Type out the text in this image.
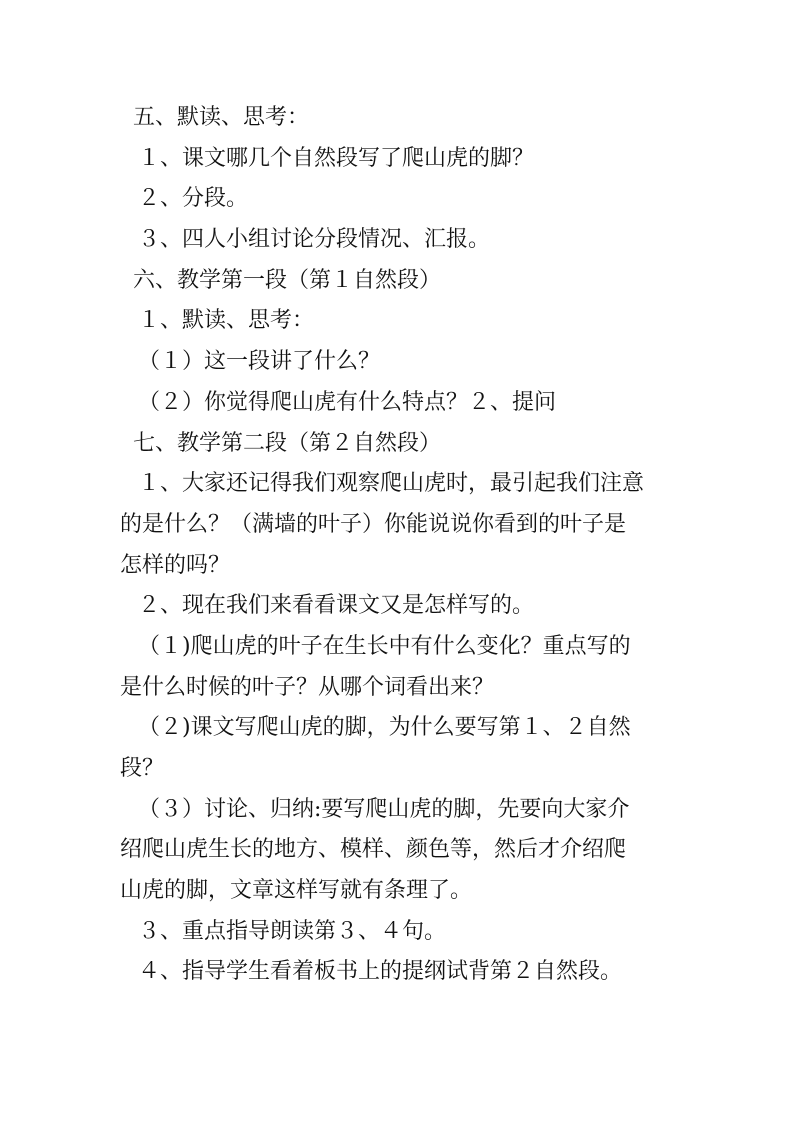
五、默读、思考：
１、课文哪几个自然段写了爬山虎的脚？
２、分段。
３、四人小组讨论分段情况、汇报。
六、教学第一段（第１自然段）
１、默读、思考：
（１）这一段讲了什么？
（２）你觉得爬山虎有什么特点？２、提问
七、教学第二段（第２自然段）
１、大家还记得我们观察爬山虎时，最引起我们注意
的是什么？（满墙的叶子）你能说说你看到的叶子是
怎样的吗？
２、现在我们来看看课文又是怎样写的。
（１)爬山虎的叶子在生长中有什么变化？重点写的
是什么时候的叶子？从哪个词看出来？
（２)课文写爬山虎的脚，为什么要写第１、２自然
段？
（３）讨论、归纳:要写爬山虎的脚，先要向大家介
绍爬山虎生长的地方、模样、颜色等，然后才介绍爬
山虎的脚，文章这样写就有条理了。
３、重点指导朗读第３、４句。
４、指导学生看着板书上的提纲试背第２自然段。
